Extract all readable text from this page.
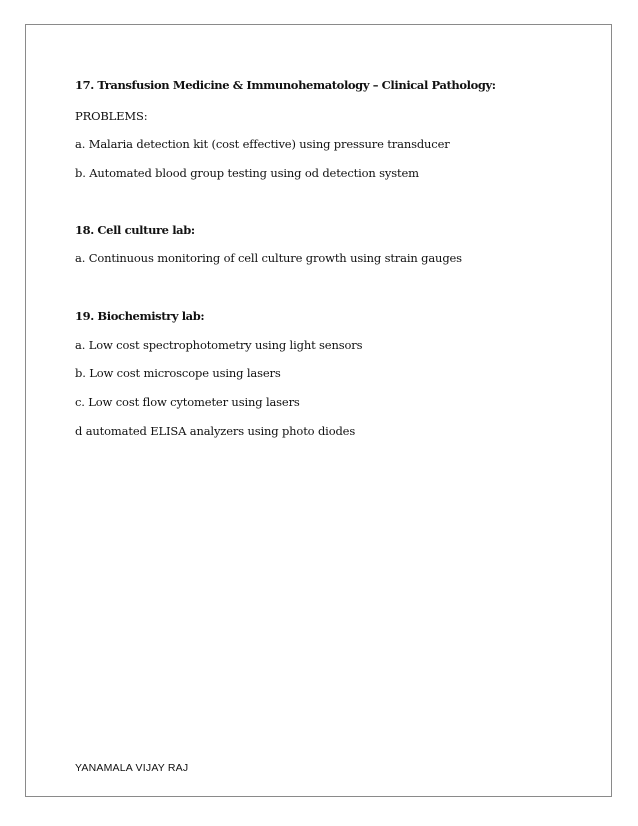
17. Transfusion Medicine & Immunohematology – Clinical Pathology:
PROBLEMS:
a. Malaria detection kit (cost effective) using pressure transducer
b. Automated blood group testing using od detection system
18. Cell culture lab:
a. Continuous monitoring of cell culture growth using strain gauges
19. Biochemistry lab:
a. Low cost spectrophotometry using light sensors
b. Low cost microscope using lasers
c. Low cost flow cytometer using lasers
d automated ELISA analyzers using photo diodes
YANAMALA VIJAY RAJ
